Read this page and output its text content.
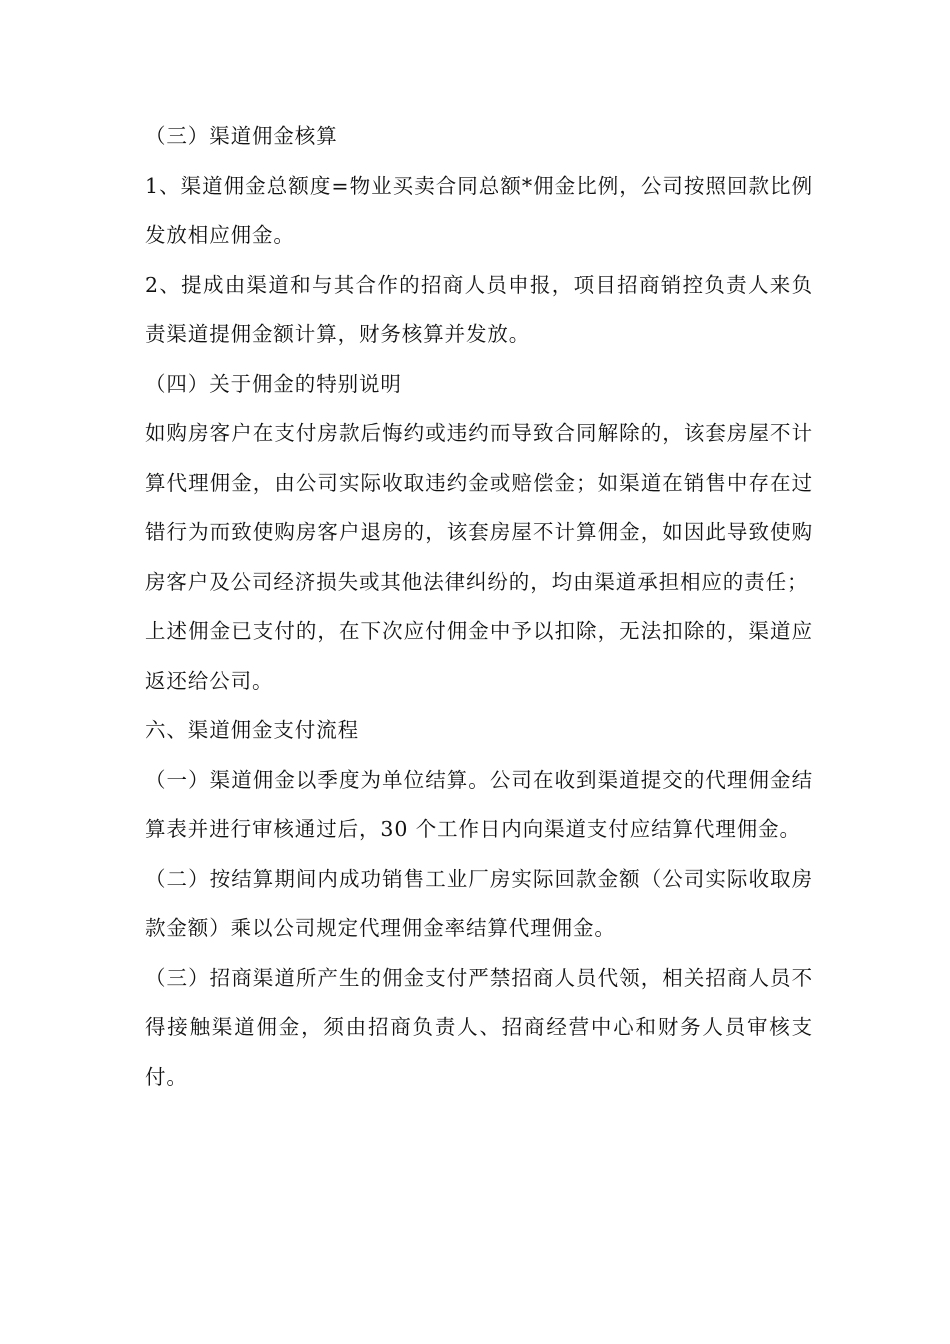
（三）渠道佣金核算

1、渠道佣金总额度=物业买卖合同总额*佣金比例，公司按照回款比例发放相应佣金。

2、提成由渠道和与其合作的招商人员申报，项目招商销控负责人来负责渠道提佣金额计算，财务核算并发放。

（四）关于佣金的特别说明

如购房客户在支付房款后悔约或违约而导致合同解除的，该套房屋不计算代理佣金，由公司实际收取违约金或赔偿金；如渠道在销售中存在过错行为而致使购房客户退房的，该套房屋不计算佣金，如因此导致使购房客户及公司经济损失或其他法律纠纷的，均由渠道承担相应的责任；

上述佣金已支付的，在下次应付佣金中予以扣除，无法扣除的，渠道应返还给公司。

六、渠道佣金支付流程

（一）渠道佣金以季度为单位结算。公司在收到渠道提交的代理佣金结算表并进行审核通过后，30 个工作日内向渠道支付应结算代理佣金。

（二）按结算期间内成功销售工业厂房实际回款金额（公司实际收取房款金额）乘以公司规定代理佣金率结算代理佣金。

（三）招商渠道所产生的佣金支付严禁招商人员代领，相关招商人员不得接触渠道佣金，须由招商负责人、招商经营中心和财务人员审核支付。
